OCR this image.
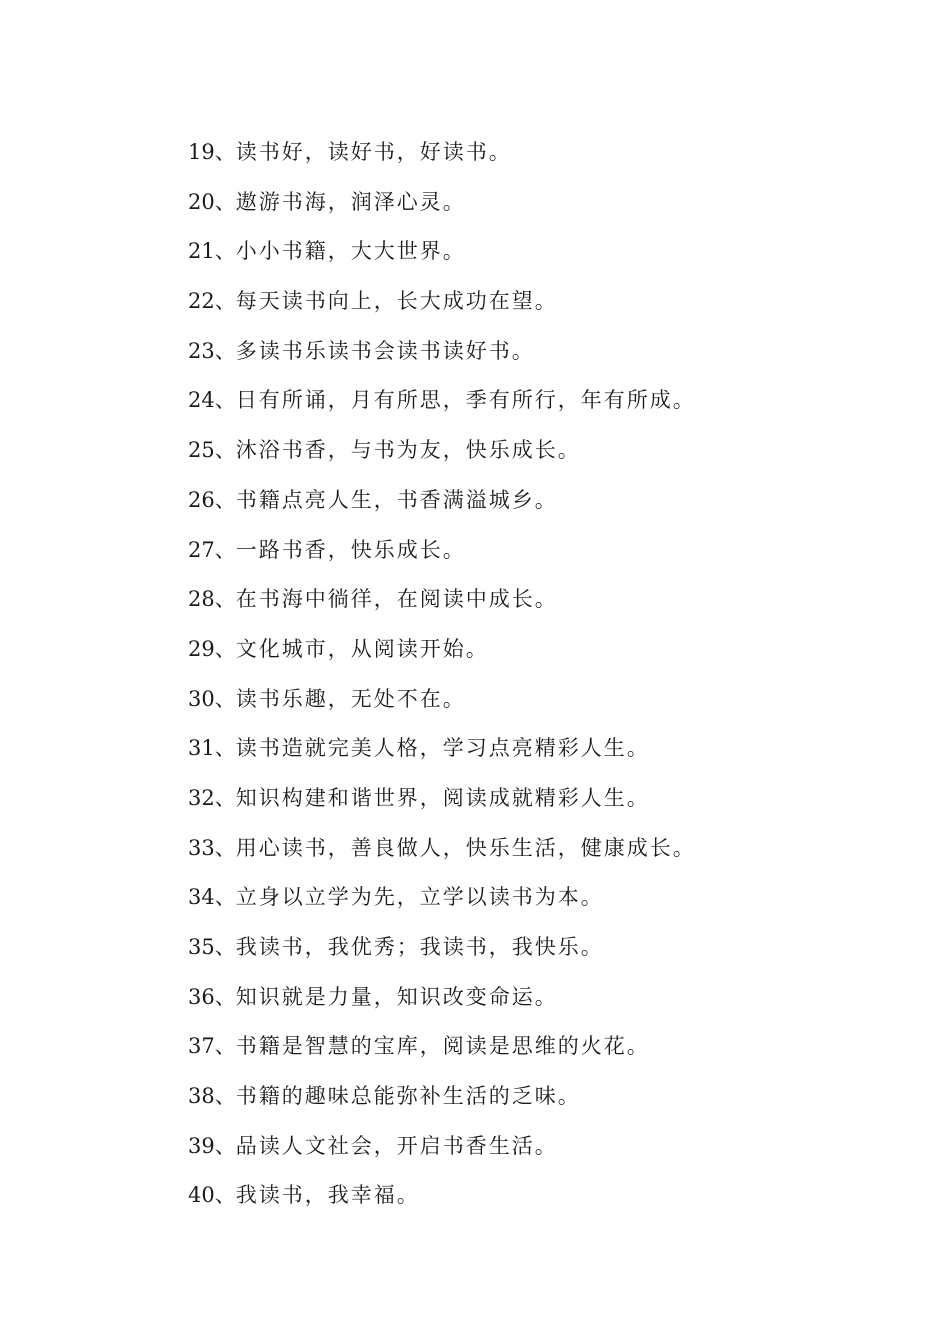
19、读书好，读好书，好读书。
20、遨游书海，润泽心灵。
21、小小书籍，大大世界。
22、每天读书向上，长大成功在望。
23、多读书乐读书会读书读好书。
24、日有所诵，月有所思，季有所行，年有所成。
25、沐浴书香，与书为友，快乐成长。
26、书籍点亮人生，书香满溢城乡。
27、一路书香，快乐成长。
28、在书海中徜徉，在阅读中成长。
29、文化城市，从阅读开始。
30、读书乐趣，无处不在。
31、读书造就完美人格，学习点亮精彩人生。
32、知识构建和谐世界，阅读成就精彩人生。
33、用心读书，善良做人，快乐生活，健康成长。
34、立身以立学为先，立学以读书为本。
35、我读书，我优秀；我读书，我快乐。
36、知识就是力量，知识改变命运。
37、书籍是智慧的宝库，阅读是思维的火花。
38、书籍的趣味总能弥补生活的乏味。
39、品读人文社会，开启书香生活。
40、我读书，我幸福。
